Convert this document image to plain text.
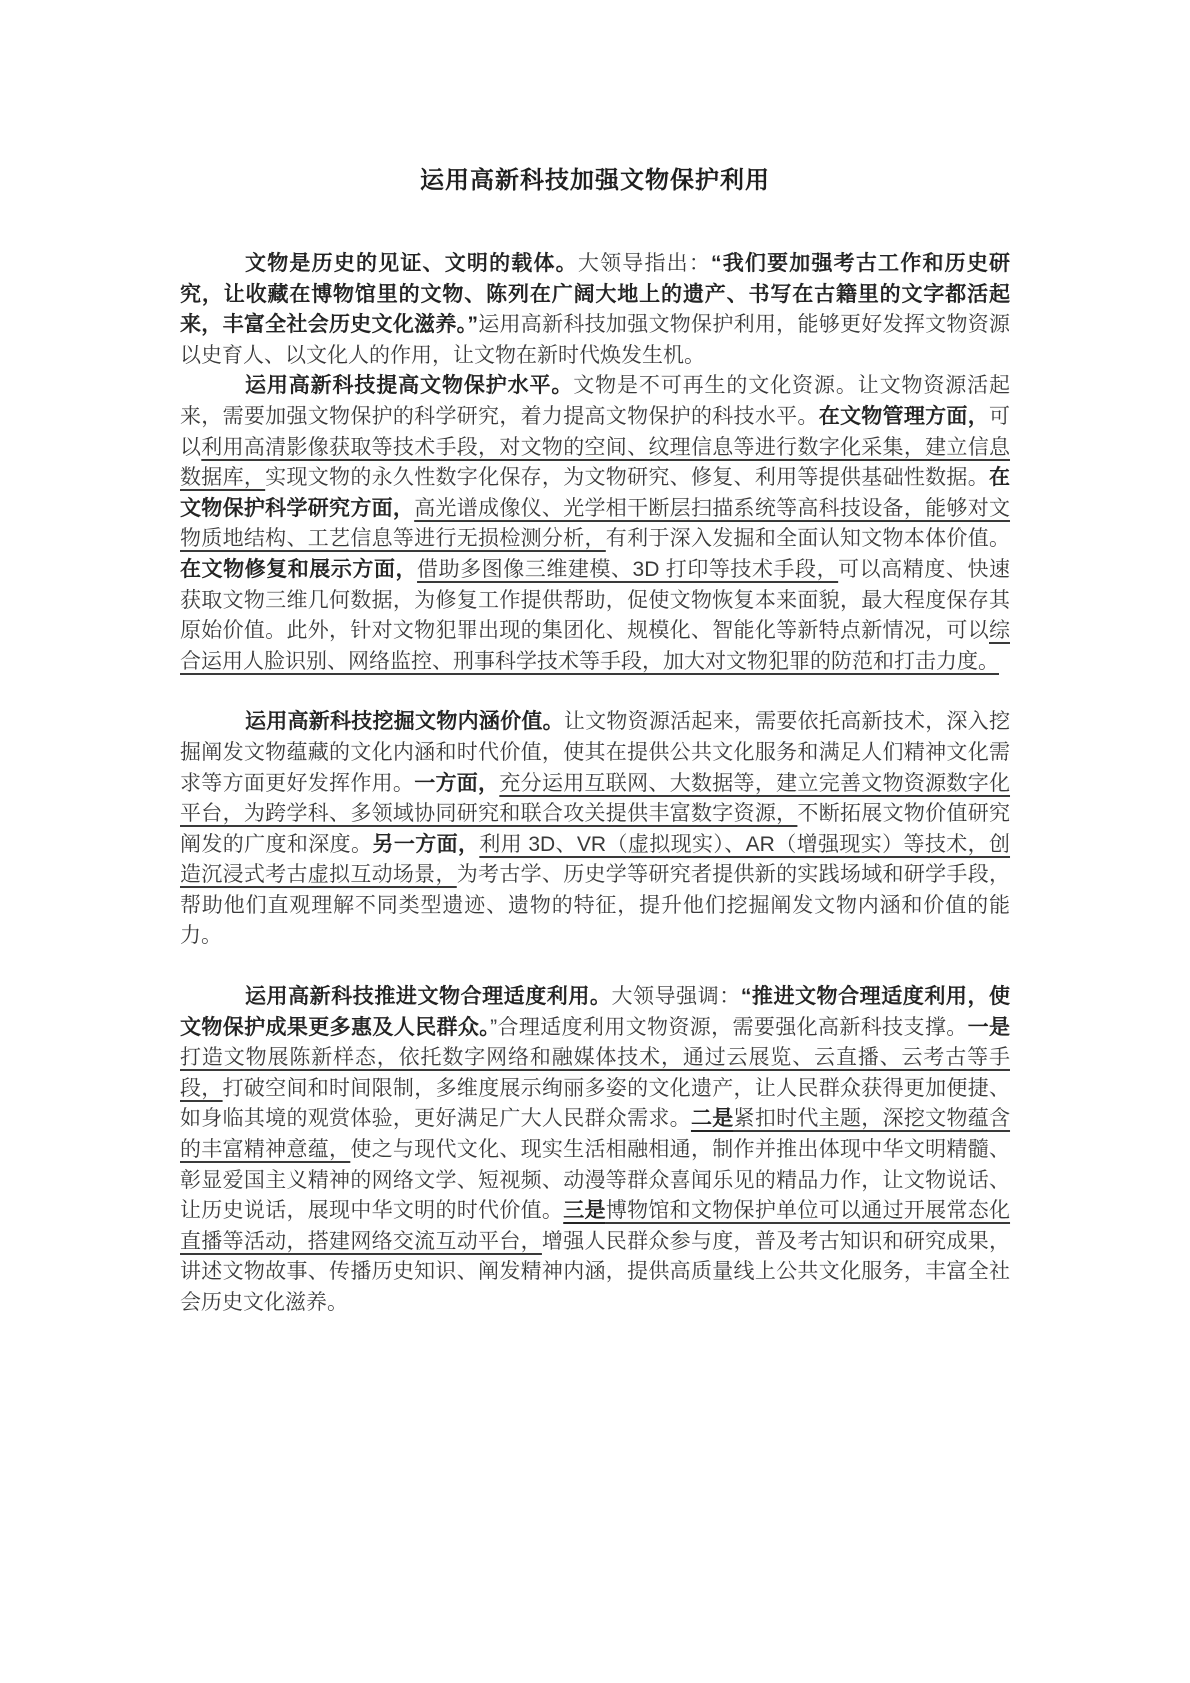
运用高新科技加强文物保护利用

文物是历史的见证、文明的载体。大领导指出：“我们要加强考古工作和历史研究，让收藏在博物馆里的文物、陈列在广阔大地上的遗产、书写在古籍里的文字都活起来，丰富全社会历史文化滋养。”运用高新科技加强文物保护利用，能够更好发挥文物资源以史育人、以文化人的作用，让文物在新时代焕发生机。

运用高新科技提高文物保护水平。文物是不可再生的文化资源。让文物资源活起来，需要加强文物保护的科学研究，着力提高文物保护的科技水平。在文物管理方面，可以利用高清影像获取等技术手段，对文物的空间、纹理信息等进行数字化采集，建立信息数据库，实现文物的永久性数字化保存，为文物研究、修复、利用等提供基础性数据。在文物保护科学研究方面，高光谱成像仪、光学相干断层扫描系统等高科技设备，能够对文物质地结构、工艺信息等进行无损检测分析，有利于深入发掘和全面认知文物本体价值。在文物修复和展示方面，借助多图像三维建模、3D 打印等技术手段，可以高精度、快速获取文物三维几何数据，为修复工作提供帮助，促使文物恢复本来面貌，最大程度保存其原始价值。此外，针对文物犯罪出现的集团化、规模化、智能化等新特点新情况，可以综合运用人脸识别、网络监控、刑事科学技术等手段，加大对文物犯罪的防范和打击力度。

运用高新科技挖掘文物内涵价值。让文物资源活起来，需要依托高新技术，深入挖掘阐发文物蕴藏的文化内涵和时代价值，使其在提供公共文化服务和满足人们精神文化需求等方面更好发挥作用。一方面，充分运用互联网、大数据等，建立完善文物资源数字化平台，为跨学科、多领域协同研究和联合攻关提供丰富数字资源，不断拓展文物价值研究阐发的广度和深度。另一方面，利用 3D、VR（虚拟现实）、AR（增强现实）等技术，创造沉浸式考古虚拟互动场景，为考古学、历史学等研究者提供新的实践场域和研学手段，帮助他们直观理解不同类型遗迹、遗物的特征，提升他们挖掘阐发文物内涵和价值的能力。

运用高新科技推进文物合理适度利用。大领导强调：“推进文物合理适度利用，使文物保护成果更多惠及人民群众。”合理适度利用文物资源，需要强化高新科技支撑。一是打造文物展陈新样态，依托数字网络和融媒体技术，通过云展览、云直播、云考古等手段，打破空间和时间限制，多维度展示绚丽多姿的文化遗产，让人民群众获得更加便捷、如身临其境的观赏体验，更好满足广大人民群众需求。二是紧扣时代主题，深挖文物蕴含的丰富精神意蕴，使之与现代文化、现实生活相融相通，制作并推出体现中华文明精髓、彰显爱国主义精神的网络文学、短视频、动漫等群众喜闻乐见的精品力作，让文物说话、让历史说话，展现中华文明的时代价值。三是博物馆和文物保护单位可以通过开展常态化直播等活动，搭建网络交流互动平台，增强人民群众参与度，普及考古知识和研究成果，讲述文物故事、传播历史知识、阐发精神内涵，提供高质量线上公共文化服务，丰富全社会历史文化滋养。
